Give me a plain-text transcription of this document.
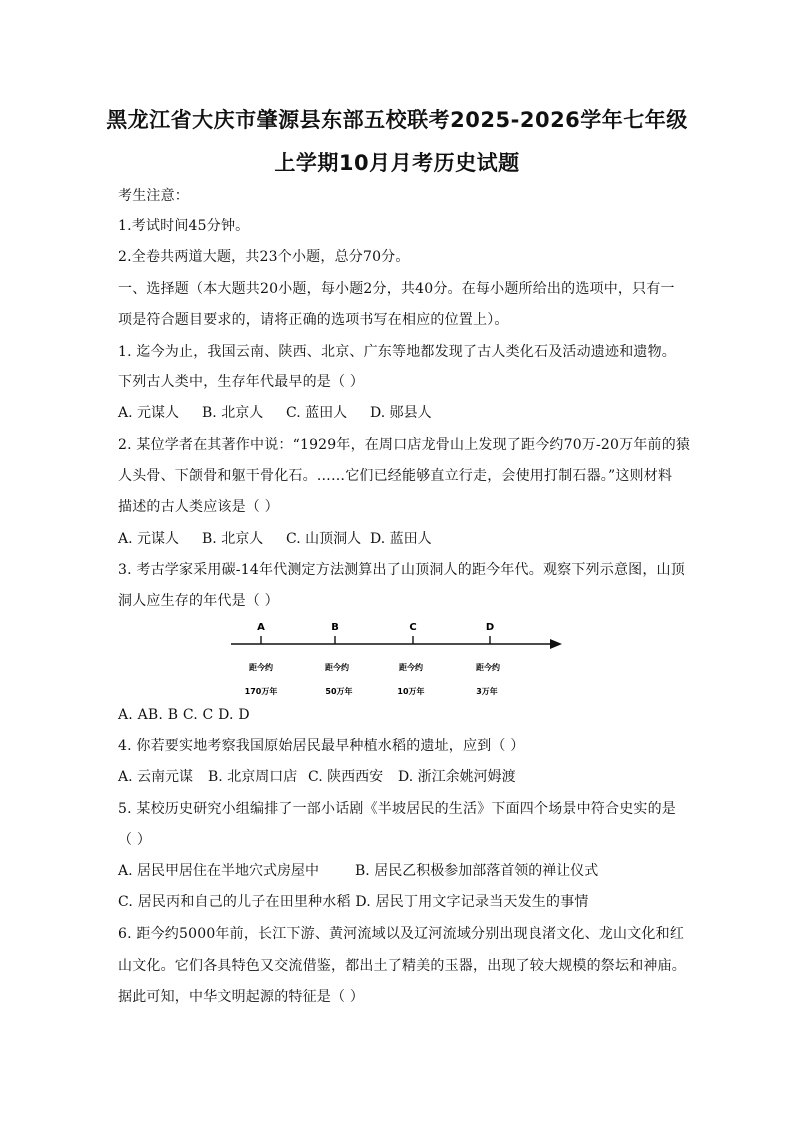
黑龙江省大庆市肇源县东部五校联考2025-2026学年七年级
上学期10月月考历史试题
考生注意：
1.考试时间45分钟。
2.全卷共两道大题，共23个小题，总分70分。
一、选择题（本大题共20小题，每小题2分，共40分。在每小题所给出的选项中，只有一
项是符合题目要求的，请将正确的选项书写在相应的位置上）。
1. 迄今为止，我国云南、陕西、北京、广东等地都发现了古人类化石及活动遗迹和遗物。
下列古人类中，生存年代最早的是（ ）
A. 元谋人 B. 北京人 C. 蓝田人 D. 郧县人
2. 某位学者在其著作中说：“1929年，在周口店龙骨山上发现了距今约70万-20万年前的猿
人头骨、下颌骨和躯干骨化石。……它们已经能够直立行走，会使用打制石器。”这则材料
描述的古人类应该是（ ）
A. 元谋人 B. 北京人 C. 山顶洞人 D. 蓝田人
3. 考古学家采用碳-14年代测定方法测算出了山顶洞人的距今年代。观察下列示意图，山顶
洞人应生存的年代是（ ）
A
距今约
170万年
B
距今约
50万年
C
距今约
10万年
D
距今约
3万年
A. AB. B C. C D. D
4. 你若要实地考察我国原始居民最早种植水稻的遗址，应到（ ）
A. 云南元谋 B. 北京周口店 C. 陕西西安 D. 浙江余姚河姆渡
5. 某校历史研究小组编排了一部小话剧《半坡居民的生活》下面四个场景中符合史实的是
（ ）
A. 居民甲居住在半地穴式房屋中	B. 居民乙积极参加部落首领的禅让仪式
C. 居民丙和自己的儿子在田里种水稻 D. 居民丁用文字记录当天发生的事情
6. 距今约5000年前，长江下游、黄河流域以及辽河流域分别出现良渚文化、龙山文化和红
山文化。它们各具特色又交流借鉴，都出土了精美的玉器，出现了较大规模的祭坛和神庙。
据此可知，中华文明起源的特征是（ ）
